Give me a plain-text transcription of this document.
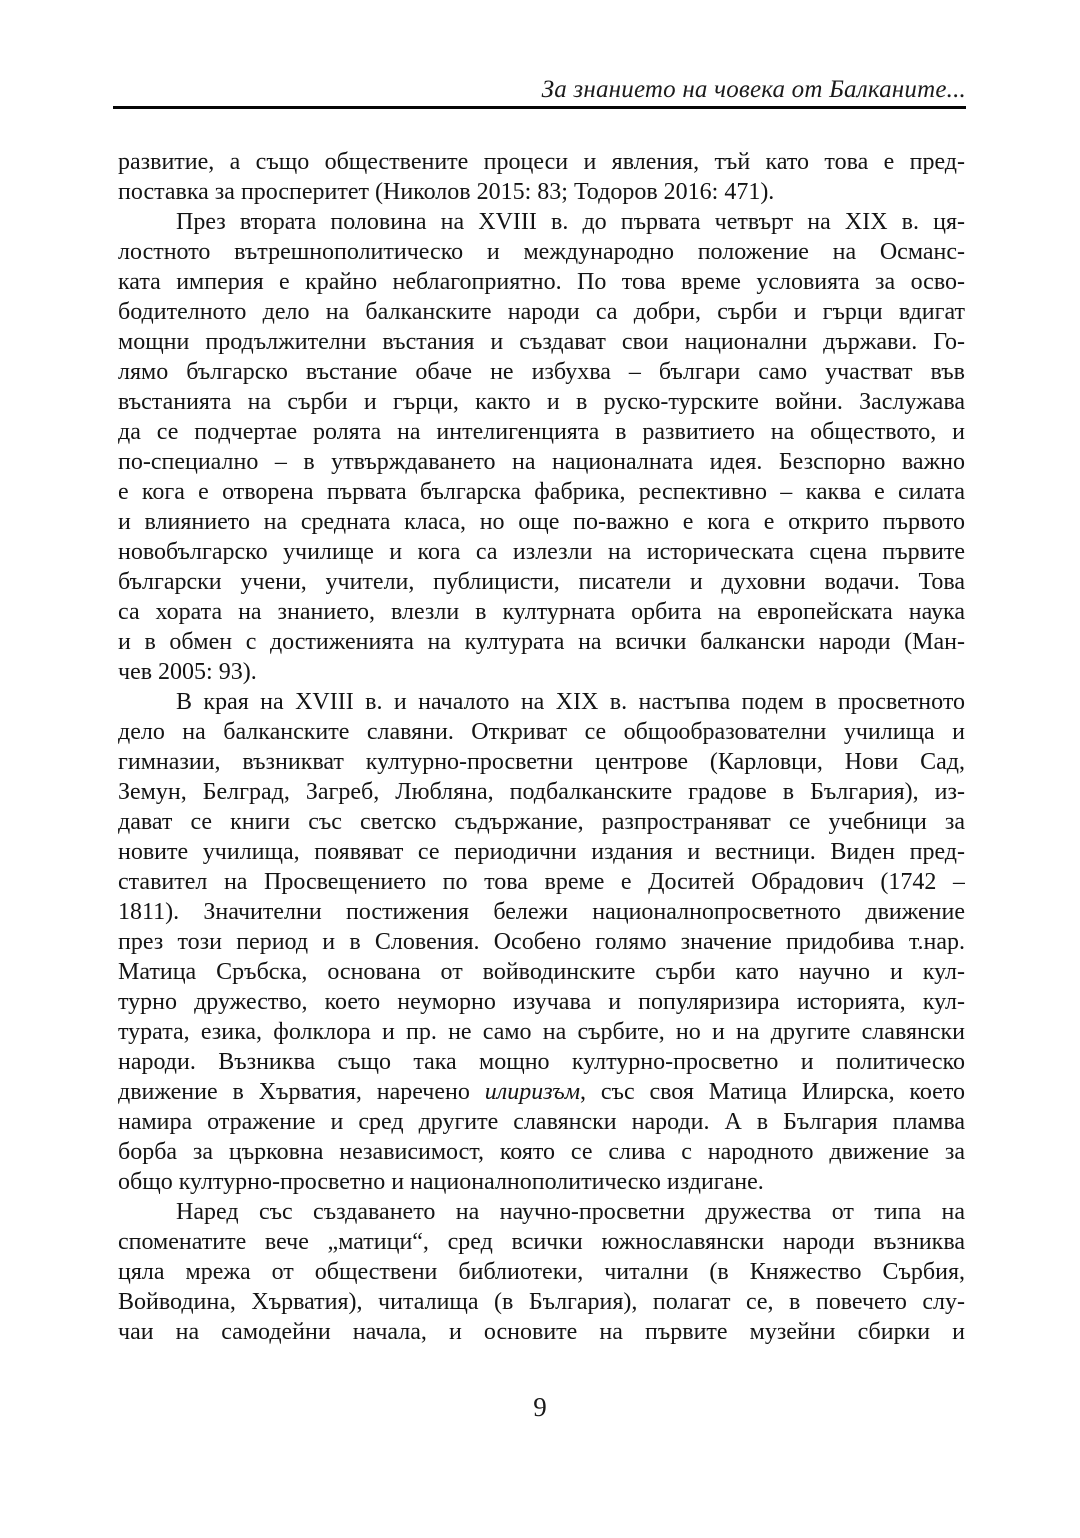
За знанието на човека от Балканите...
развитие, а също обществените процеси и явления, тъй като това е пред-
поставка за просперитет (Николов 2015: 83; Тодоров 2016: 471).
През втората половина на XVIII в. до първата четвърт на XIX в. ця-
лостното вътрешнополитическо и международно положение на Османс-
ката империя е крайно неблагоприятно. По това време условията за осво-
бодителното дело на балканските народи са добри, сърби и гърци вдигат
мощни продължителни въстания и създават свои национални държави. Го-
лямо българско въстание обаче не избухва – българи само участват във
въстанията на сърби и гърци, както и в руско-турските войни. Заслужава
да се подчертае ролята на интелигенцията в развитието на обществото, и
по-специално – в утвърждаването на националната идея. Безспорно важно
е кога е отворена първата българска фабрика, респективно – каква е силата
и влиянието на средната класа, но още по-важно е кога е открито първото
новобългарско училище и кога са излезли на историческата сцена първите
български учени, учители, публицисти, писатели и духовни водачи. Това
са хората на знанието, влезли в културната орбита на европейската наука
и в обмен с достиженията на културата на всички балкански народи (Ман-
чев 2005: 93).
В края на XVIII в. и началото на XIX в. настъпва подем в просветното
дело на балканските славяни. Откриват се общообразователни училища и
гимназии, възникват културно-просветни центрове (Карловци, Нови Сад,
Земун, Белград, Загреб, Любляна, подбалканските градове в България), из-
дават се книги със светско съдържание, разпространяват се учебници за
новите училища, появяват се периодични издания и вестници. Виден пред-
ставител на Просвещението по това време е Доситей Обрадович (1742 –
1811). Значителни постижения бележи националнопросветното движение
през този период и в Словения. Особено голямо значение придобива т.нар.
Матица Сръбска, основана от войводинските сърби като научно и кул-
турно дружество, което неуморно изучава и популяризира историята, кул-
турата, езика, фолклора и пр. не само на сърбите, но и на другите славянски
народи. Възниква също така мощно културно-просветно и политическо
движение в Хърватия, наречено илиризъм, със своя Матица Илирска, което
намира отражение и сред другите славянски народи. А в България пламва
борба за църковна независимост, която се слива с народното движение за
общо културно-просветно и националнополитическо издигане.
Наред със създаването на научно-просветни дружества от типа на
споменатите вече „матици“, сред всички южнославянски народи възниква
цяла мрежа от обществени библиотеки, читални (в Княжество Сърбия,
Войводина, Хърватия), читалища (в България), полагат се, в повечето слу-
чаи на самодейни начала, и основите на първите музейни сбирки и
9
